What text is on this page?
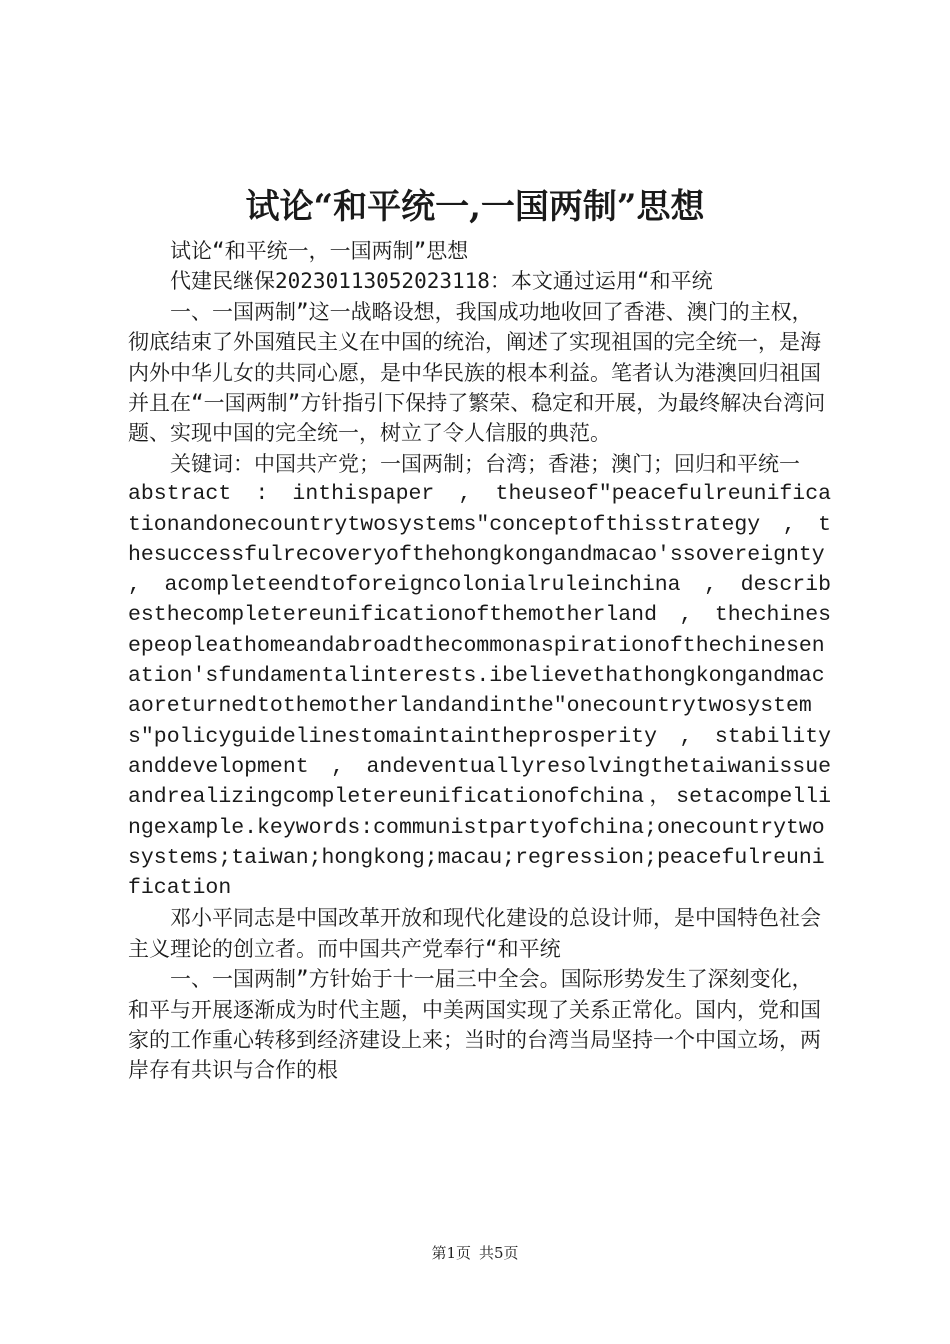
试论“和平统一,一国两制”思想

试论“和平统一，一国两制”思想

代建民继保20230113052023118：本文通过运用“和平统

一、一国两制”这一战略设想，我国成功地收回了香港、澳门的主权，彻底结束了外国殖民主义在中国的统治，阐述了实现祖国的完全统一，是海内外中华儿女的共同心愿，是中华民族的根本利益。笔者认为港澳回归祖国并且在“一国两制”方针指引下保持了繁荣、稳定和开展，为最终解决台湾问题、实现中国的完全统一，树立了令人信服的典范。

关键词：中国共产党；一国两制；台湾；香港；澳门；回归和平统一

abstract　:　inthispaper　,　theuseof"peacefulreunificationandonecountrytwosystems"conceptofthisstrategy　,　thesuccessfulrecoveryofthehongkongandmacao'ssovereignty　,　acompleteendtoforeigncolonialruleinchina　,　describesthecompletereunificationofthemotherland　,　thechinesepeopleathomeandabroadthecommonaspirationofthechinesenation'sfundamentalinterests.ibelievethathongkongandmacaoreturnedtothemotherlandandinthe"onecountrytwosystems"policyguidelinestomaintaintheprosperity　,　stabilityanddevelopment　,　andeventuallyresolvingthetaiwanissueandrealizingcompletereunificationofchina，setacompellingexample.keywords:communistpartyofchina;onecountrytwosystems;taiwan;hongkong;macau;regression;peacefulreunification

邓小平同志是中国改革开放和现代化建设的总设计师，是中国特色社会主义理论的创立者。而中国共产党奉行“和平统

一、一国两制”方针始于十一届三中全会。国际形势发生了深刻变化，和平与开展逐渐成为时代主题，中美两国实现了关系正常化。国内，党和国家的工作重心转移到经济建设上来；当时的台湾当局坚持一个中国立场，两岸存有共识与合作的根

第1页 共5页
